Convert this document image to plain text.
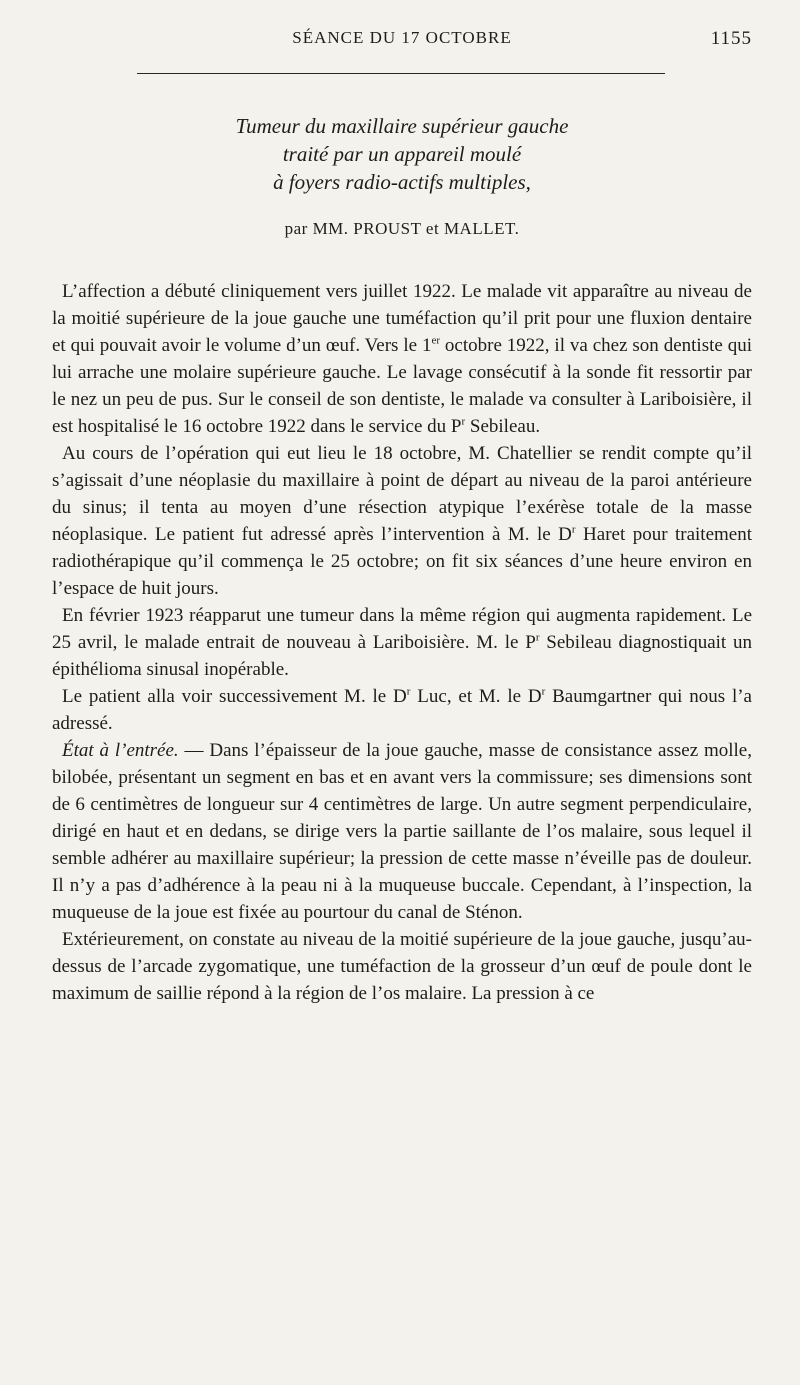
SÉANCE DU 17 OCTOBRE	1155
Tumeur du maxillaire supérieur gauche
traité par un appareil moulé
à foyers radio-actifs multiples,
par MM. PROUST et MALLET.

L’affection a débuté cliniquement vers juillet 1922. Le malade vit apparaître au niveau de la moitié supérieure de la joue gauche une tuméfaction qu’il prit pour une fluxion dentaire et qui pouvait avoir le volume d’un œuf. Vers le 1er octobre 1922, il va chez son dentiste qui lui arrache une molaire supérieure gauche. Le lavage consécutif à la sonde fit ressortir par le nez un peu de pus. Sur le conseil de son dentiste, le malade va consulter à Lariboisière, il est hospitalisé le 16 octobre 1922 dans le service du $P^r$ Sebileau.

Au cours de l’opération qui eut lieu le 18 octobre, M. Chatellier se rendit compte qu’il s’agissait d’une néoplasie du maxillaire à point de départ au niveau de la paroi antérieure du sinus; il tenta au moyen d’une résection atypique l’exérèse totale de la masse néoplasique. Le patient fut adressé après l’intervention à M. le $D^r$ Haret pour traitement radiothérapique qu’il commença le 25 octobre; on fit six séances d’une heure environ en l’espace de huit jours.

En février 1923 réapparut une tumeur dans la même région qui augmenta rapidement. Le 25 avril, le malade entrait de nouveau à Lariboisière. M. le $P^r$ Sebileau diagnostiquait un épithélioma sinusal inopérable.

Le patient alla voir successivement M. le $D^r$ Luc, et M. le $D^r$ Baumgartner qui nous l’a adressé.

État à l’entrée. — Dans l’épaisseur de la joue gauche, masse de consistance assez molle, bilobée, présentant un segment en bas et en avant vers la commissure; ses dimensions sont de 6 centimètres de longueur sur 4 centimètres de large. Un autre segment perpendiculaire, dirigé en haut et en dedans, se dirige vers la partie saillante de l’os malaire, sous lequel il semble adhérer au maxillaire supérieur; la pression de cette masse n’éveille pas de douleur. Il n’y a pas d’adhérence à la peau ni à la muqueuse buccale. Cependant, à l’inspection, la muqueuse de la joue est fixée au pourtour du canal de Sténon.

Extérieurement, on constate au niveau de la moitié supérieure de la joue gauche, jusqu’au-dessus de l’arcade zygomatique, une tuméfaction de la grosseur d’un œuf de poule dont le maximum de saillie répond à la région de l’os malaire. La pression à ce
